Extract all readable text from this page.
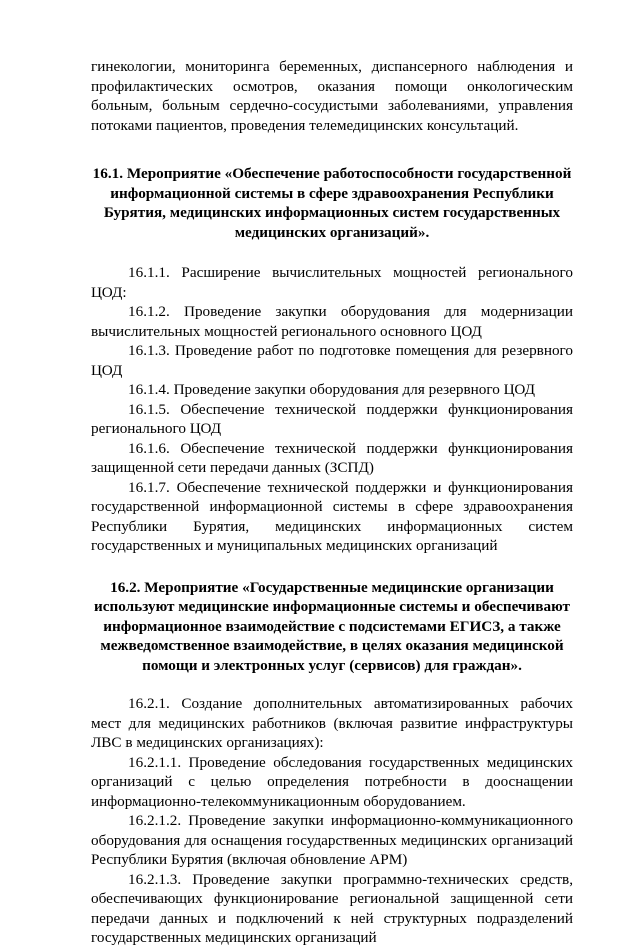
гинекологии, мониторинга беременных, диспансерного наблюдения и профилактических осмотров, оказания помощи онкологическим больным, больным сердечно-сосудистыми заболеваниями, управления потоками пациентов, проведения телемедицинских консультаций.

16.1. Мероприятие «Обеспечение работоспособности государственной информационной системы в сфере здравоохранения Республики Бурятия, медицинских информационных систем государственных медицинских организаций».

16.1.1. Расширение вычислительных мощностей регионального ЦОД:

16.1.2. Проведение закупки оборудования для модернизации вычислительных мощностей регионального основного ЦОД

16.1.3. Проведение работ по подготовке помещения для резервного ЦОД

16.1.4. Проведение закупки оборудования для резервного ЦОД

16.1.5. Обеспечение технической поддержки функционирования регионального ЦОД

16.1.6. Обеспечение технической поддержки функционирования защищенной сети передачи данных (ЗСПД)

16.1.7. Обеспечение технической поддержки и функционирования государственной информационной системы в сфере здравоохранения Республики Бурятия, медицинских информационных систем государственных и муниципальных медицинских организаций

16.2. Мероприятие «Государственные медицинские организации используют медицинские информационные системы и обеспечивают информационное взаимодействие с подсистемами ЕГИСЗ, а также межведомственное взаимодействие, в целях оказания медицинской помощи и электронных услуг (сервисов) для граждан».

16.2.1. Создание дополнительных автоматизированных рабочих мест для медицинских работников (включая развитие инфраструктуры ЛВС в медицинских организациях):

16.2.1.1. Проведение обследования государственных медицинских организаций с целью определения потребности в дооснащении информационно-телекоммуникационным оборудованием.

16.2.1.2. Проведение закупки информационно-коммуникационного оборудования для оснащения государственных медицинских организаций Республики Бурятия (включая обновление АРМ)

16.2.1.3. Проведение закупки программно-технических средств, обеспечивающих функционирование региональной защищенной сети передачи данных и подключений к ней структурных подразделений государственных медицинских организаций
